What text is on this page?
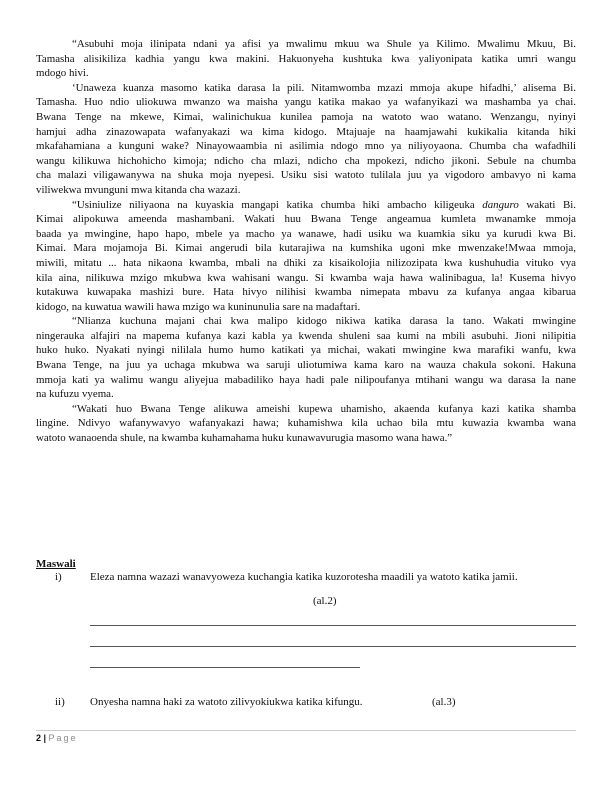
“Asubuhi moja ilinipata ndani ya afisi ya mwalimu mkuu wa Shule ya Kilimo. Mwalimu Mkuu, Bi.
Tamasha alisikiliza kadhia yangu kwa makini. Hakuonyeha kushtuka kwa yaliyonipata katika umri wangu
mdogo hivi.
‘Unaweza kuanza masomo katika darasa la pili. Nitamwomba mzazi mmoja akupe hifadhi,’ alisema Bi.
Tamasha. Huo ndio uliokuwa mwanzo wa maisha yangu katika makao ya wafanyikazi wa mashamba ya chai.
Bwana Tenge na mkewe, Kimai, walinichukua kunilea pamoja na watoto wao watano. Wenzangu, nyinyi
hamjui adha zinazowapata wafanyakazi wa kima kidogo. Mtajuaje na haamjawahi kukikalia kitanda hiki
mkafahamiana a kunguni wake? Ninayowaambia ni asilimia ndogo mno ya niliyoyaona. Chumba cha wafadhili
wangu kilikuwa hichohicho kimoja; ndicho cha mlazi, ndicho cha mpokezi, ndicho jikoni. Sebule na chumba
cha malazi viligawanywa na shuka moja nyepesi. Usiku sisi watoto tulilala juu ya vigodoro ambavyo ni kama
viliwekwa mvunguni mwa kitanda cha wazazi.
“Usiniulize niliyaona na kuyaskia mangapi katika chumba hiki ambacho kiligeuka danguro wakati Bi.
Kimai alipokuwa ameenda mashambani. Wakati huu Bwana Tenge angeamua kumleta mwanamke mmoja
baada ya mwingine, hapo hapo, mbele ya macho ya wanawe, hadi usiku wa kuamkia siku ya kurudi kwa Bi.
Kimai. Mara mojamoja Bi. Kimai angerudi bila kutarajiwa na kumshika ugoni mke mwenzake!Mwaa mmoja,
miwili, mitatu ... hata nikaona kwamba, mbali na dhiki za kisaikolojia nilizozipata kwa kushuhudia vituko vya
kila aina, nilikuwa mzigo mkubwa kwa wahisani wangu. Si kwamba waja hawa walinibagua, la! Kusema hivyo
kutakuwa kuwapaka mashizi bure. Hata hivyo nilihisi kwamba nimepata mbavu za kufanya angaa kibarua
kidogo, na kuwatua wawili hawa mzigo wa kuninunulia sare na madaftari.
“Nlianza kuchuna majani chai kwa malipo kidogo nikiwa katika darasa la tano. Wakati mwingine
ningerauka alfajiri na mapema kufanya kazi kabla ya kwenda shuleni saa kumi na mbili asubuhi. Jioni nilipitia
huko huko. Nyakati nyingi nililala humo humo katikati ya michai, wakati mwingine kwa marafiki wanfu, kwa
Bwana Tenge, na juu ya uchaga mkubwa wa saruji uliotumiwa kama karo na wauza chakula sokoni. Hakuna
mmoja kati ya walimu wangu aliyejua mabadiliko haya hadi pale nilipoufanya mtihani wangu wa darasa la nane
na kufuzu vyema.
“Wakati huo Bwana Tenge alikuwa ameishi kupewa uhamisho, akaenda kufanya kazi katika shamba
lingine. Ndivyo wafanywavyo wafanyakazi hawa; kuhamishwa kila uchao bila mtu kuwazia kwamba wana
watoto wanaoenda shule, na kwamba kuhamahama huku kunawavurugia masomo wana hawa.”
Maswali
i)	Eleza namna wazazi wanavyoweza kuchangia katika kuzorotesha maadili ya watoto katika jamii.
(al.2)
ii) Onyesha namna haki za watoto zilivyokiukwa katika kifungu.	(al.3)
2 | Page
